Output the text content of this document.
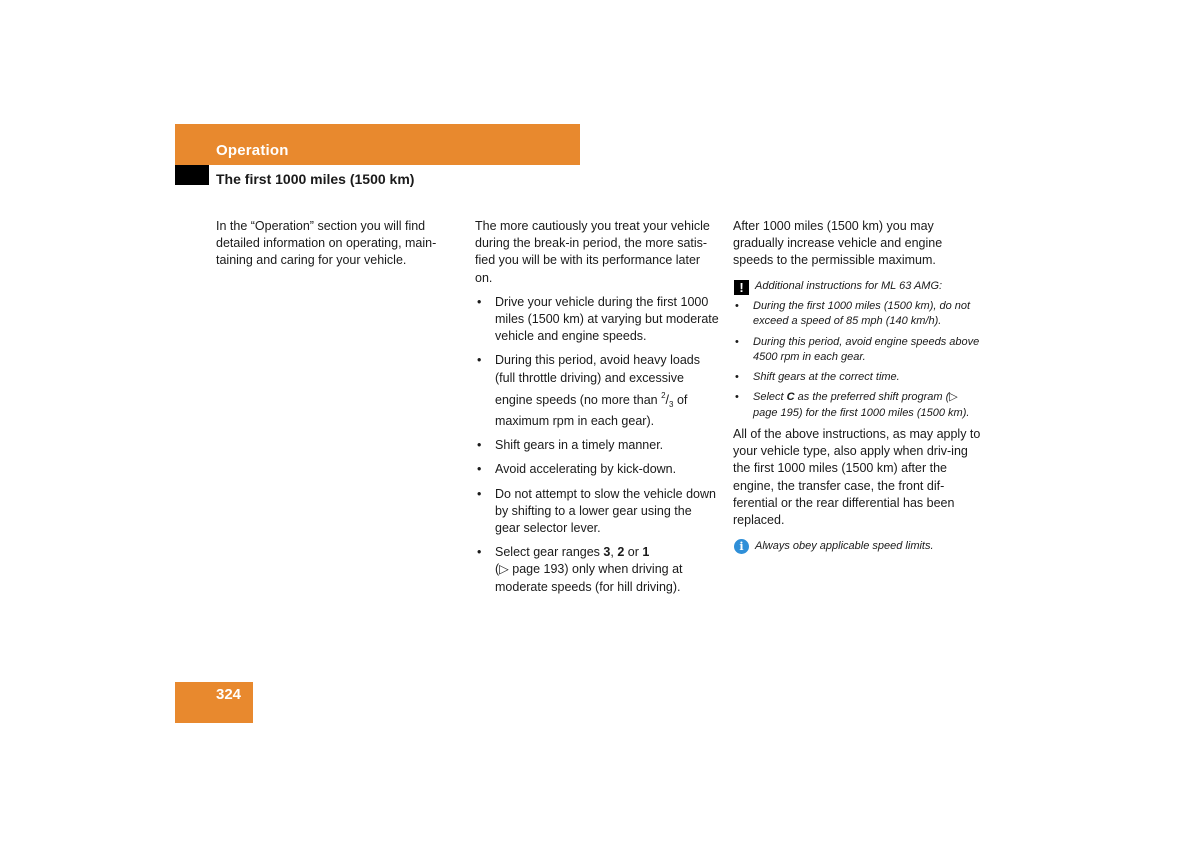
Operation
The first 1000 miles (1500 km)

In the “Operation” section you will find detailed information on operating, main-taining and caring for your vehicle.

The more cautiously you treat your vehicle during the break-in period, the more satis-fied you will be with its performance later on.

• Drive your vehicle during the first 1000 miles (1500 km) at varying but moderate vehicle and engine speeds.
• During this period, avoid heavy loads (full throttle driving) and excessive engine speeds (no more than $^2/_3$ of maximum rpm in each gear).
• Shift gears in a timely manner.
• Avoid accelerating by kick-down.
• Do not attempt to slow the vehicle down by shifting to a lower gear using the gear selector lever.
• Select gear ranges 3, 2 or 1
(▷ page 193) only when driving at moderate speeds (for hill driving).

After 1000 miles (1500 km) you may gradually increase vehicle and engine speeds to the permissible maximum.

!	Additional instructions for ML 63 AMG:
• During the first 1000 miles (1500 km), do not exceed a speed of 85 mph (140 km/h).
• During this period, avoid engine speeds above 4500 rpm in each gear.
• Shift gears at the correct time.
• Select C as the preferred shift program (▷ page 195) for the first 1000 miles (1500 km).

All of the above instructions, as may apply to your vehicle type, also apply when driv-ing the first 1000 miles (1500 km) after the engine, the transfer case, the front dif-ferential or the rear differential has been replaced.

i	Always obey applicable speed limits.
324
